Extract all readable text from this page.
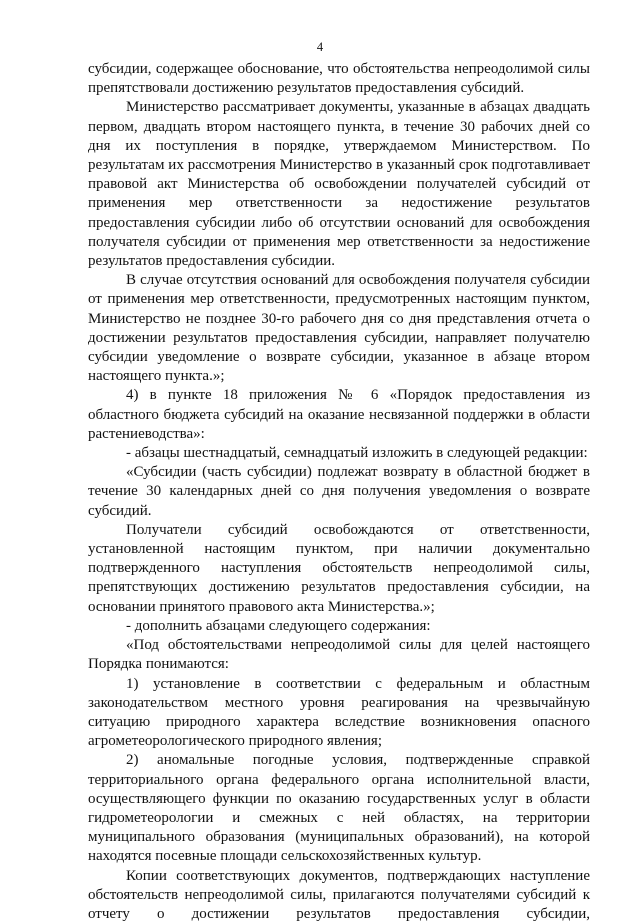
4

субсидии, содержащее обоснование, что обстоятельства непреодолимой силы препятствовали достижению результатов предоставления субсидий.

Министерство рассматривает документы, указанные в абзацах двадцать первом, двадцать втором настоящего пункта, в течение 30 рабочих дней со дня их поступления в порядке, утверждаемом Министерством. По результатам их рассмотрения Министерство в указанный срок подготавливает правовой акт Министерства об освобождении получателей субсидий от применения мер ответственности за недостижение результатов предоставления субсидии либо об отсутствии оснований для освобождения получателя субсидии от применения мер ответственности за недостижение результатов предоставления субсидии.

В случае отсутствия оснований для освобождения получателя субсидии от применения мер ответственности, предусмотренных настоящим пунктом, Министерство не позднее 30-го рабочего дня со дня представления отчета о достижении результатов предоставления субсидии, направляет получателю субсидии уведомление о возврате субсидии, указанное в абзаце втором настоящего пункта.»;

4) в пункте 18 приложения № 6 «Порядок предоставления из областного бюджета субсидий на оказание несвязанной поддержки в области растениеводства»:

- абзацы шестнадцатый, семнадцатый изложить в следующей редакции:

«Субсидии (часть субсидии) подлежат возврату в областной бюджет в течение 30 календарных дней со дня получения уведомления о возврате субсидий.

Получатели субсидий освобождаются от ответственности, установленной настоящим пунктом, при наличии документально подтвержденного наступления обстоятельств непреодолимой силы, препятствующих достижению результатов предоставления субсидии, на основании принятого правового акта Министерства.»;

- дополнить абзацами следующего содержания:

«Под обстоятельствами непреодолимой силы для целей настоящего Порядка понимаются:

1) установление в соответствии с федеральным и областным законодательством местного уровня реагирования на чрезвычайную ситуацию природного характера вследствие возникновения опасного агрометеорологического природного явления;

2) аномальные погодные условия, подтвержденные справкой территориального органа федерального органа исполнительной власти, осуществляющего функции по оказанию государственных услуг в области гидрометеорологии и смежных с ней областях, на территории муниципального образования (муниципальных образований), на которой находятся посевные площади сельскохозяйственных культур.

Копии соответствующих документов, подтверждающих наступление обстоятельств непреодолимой силы, прилагаются получателями субсидий к отчету о достижении результатов предоставления субсидии,
